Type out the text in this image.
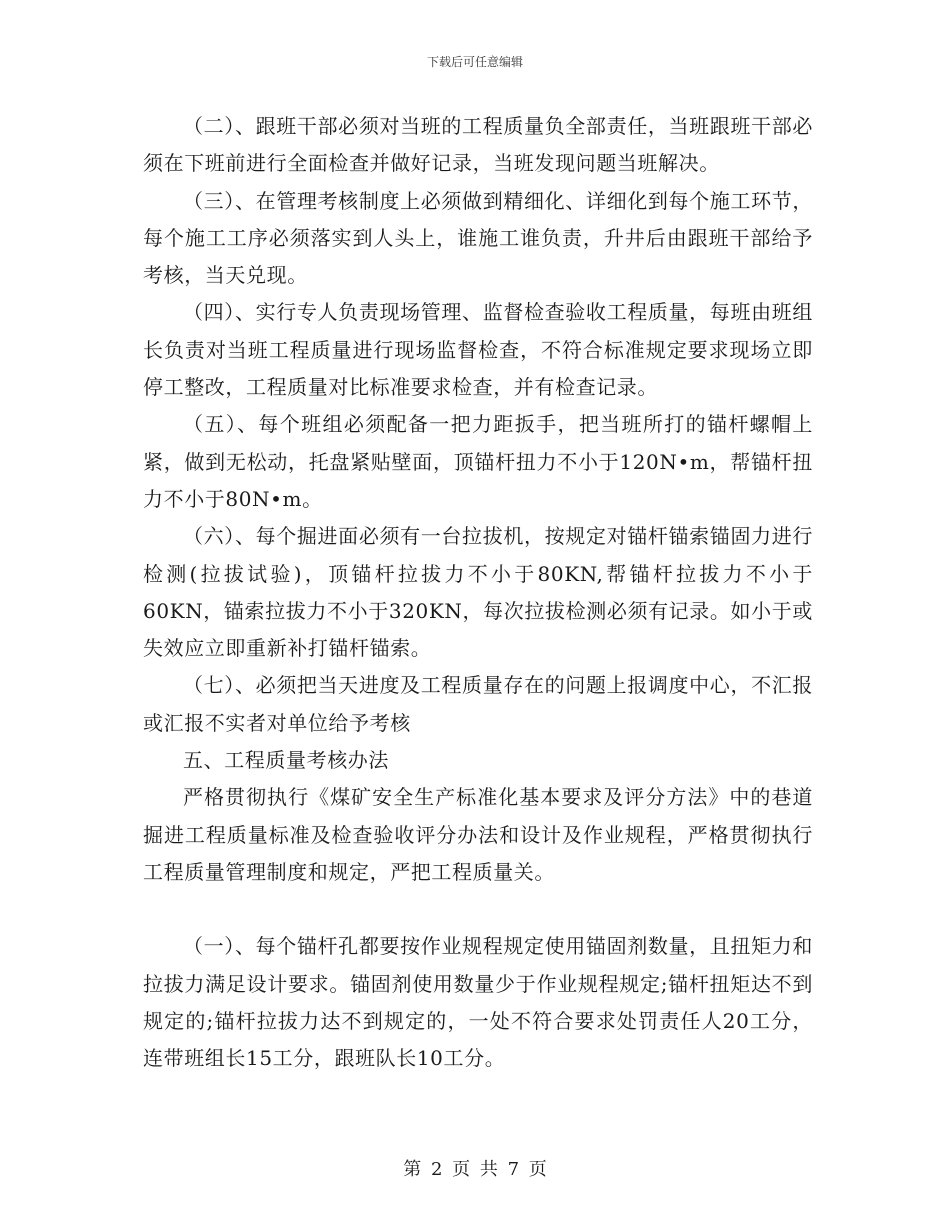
下载后可任意编辑

（二）、跟班干部必须对当班的工程质量负全部责任，当班跟班干部必须在下班前进行全面检查并做好记录，当班发现问题当班解决。

（三）、在管理考核制度上必须做到精细化、详细化到每个施工环节，每个施工工序必须落实到人头上，谁施工谁负责，升井后由跟班干部给予考核，当天兑现。

（四）、实行专人负责现场管理、监督检查验收工程质量，每班由班组长负责对当班工程质量进行现场监督检查，不符合标准规定要求现场立即停工整改，工程质量对比标准要求检查，并有检查记录。

（五）、每个班组必须配备一把力距扳手，把当班所打的锚杆螺帽上紧，做到无松动，托盘紧贴壁面，顶锚杆扭力不小于120N•m，帮锚杆扭力不小于80N•m。

（六）、每个掘进面必须有一台拉拔机，按规定对锚杆锚索锚固力进行检测(拉拔试验)，顶锚杆拉拔力不小于80KN,帮锚杆拉拔力不小于60KN，锚索拉拔力不小于320KN，每次拉拔检测必须有记录。如小于或失效应立即重新补打锚杆锚索。

（七）、必须把当天进度及工程质量存在的问题上报调度中心，不汇报或汇报不实者对单位给予考核

五、工程质量考核办法

严格贯彻执行《煤矿安全生产标准化基本要求及评分方法》中的巷道掘进工程质量标准及检查验收评分办法和设计及作业规程，严格贯彻执行工程质量管理制度和规定，严把工程质量关。

（一）、每个锚杆孔都要按作业规程规定使用锚固剂数量，且扭矩力和拉拔力满足设计要求。锚固剂使用数量少于作业规程规定;锚杆扭矩达不到规定的;锚杆拉拔力达不到规定的，一处不符合要求处罚责任人20工分，连带班组长15工分，跟班队长10工分。

第 2 页 共 7 页
